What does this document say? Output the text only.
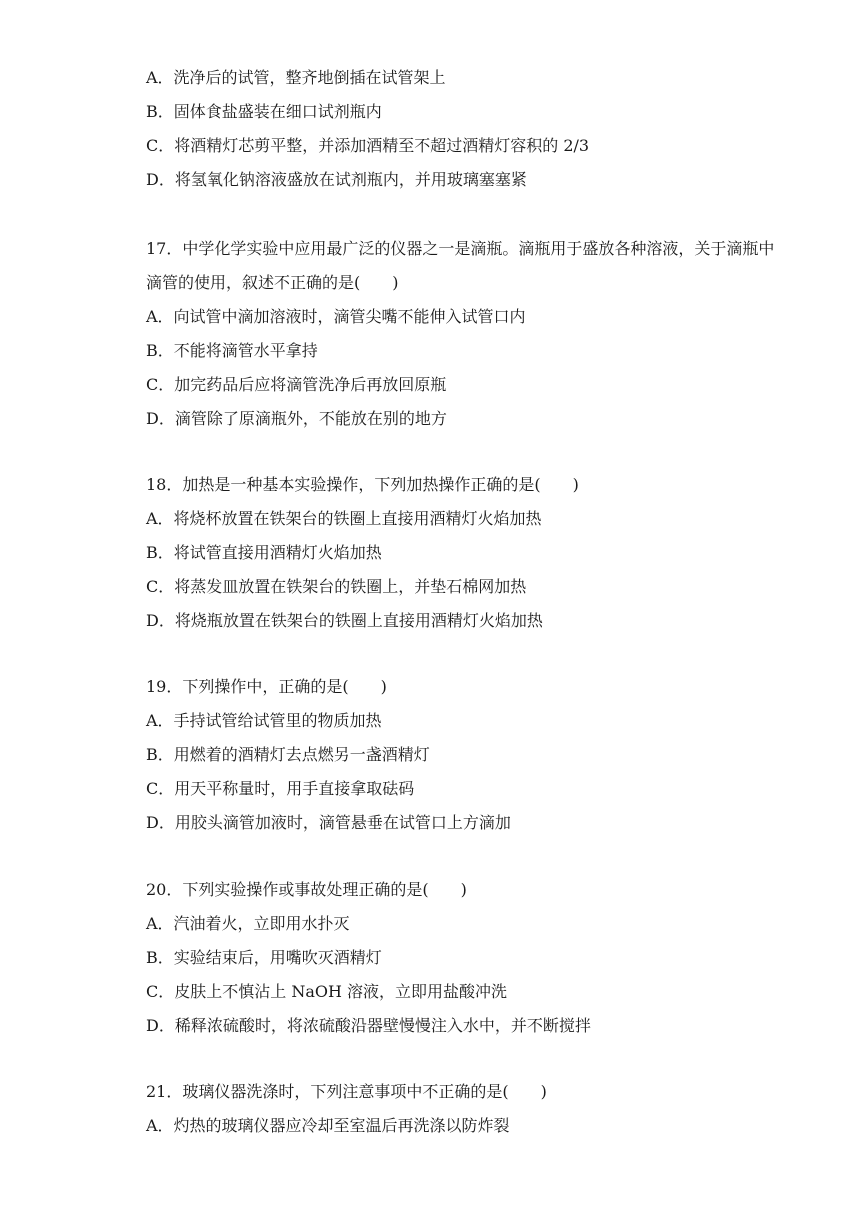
A．洗净后的试管，整齐地倒插在试管架上
B．固体食盐盛装在细口试剂瓶内
C．将酒精灯芯剪平整，并添加酒精至不超过酒精灯容积的 2/3
D．将氢氧化钠溶液盛放在试剂瓶内，并用玻璃塞塞紧
17．中学化学实验中应用最广泛的仪器之一是滴瓶。滴瓶用于盛放各种溶液，关于滴瓶中
滴管的使用，叙述不正确的是(　　)
A．向试管中滴加溶液时，滴管尖嘴不能伸入试管口内
B．不能将滴管水平拿持
C．加完药品后应将滴管洗净后再放回原瓶
D．滴管除了原滴瓶外，不能放在别的地方
18．加热是一种基本实验操作，下列加热操作正确的是(　　)
A．将烧杯放置在铁架台的铁圈上直接用酒精灯火焰加热
B．将试管直接用酒精灯火焰加热
C．将蒸发皿放置在铁架台的铁圈上，并垫石棉网加热
D．将烧瓶放置在铁架台的铁圈上直接用酒精灯火焰加热
19．下列操作中，正确的是(　　)
A．手持试管给试管里的物质加热
B．用燃着的酒精灯去点燃另一盏酒精灯
C．用天平称量时，用手直接拿取砝码
D．用胶头滴管加液时，滴管悬垂在试管口上方滴加
20．下列实验操作或事故处理正确的是(　　)
A．汽油着火，立即用水扑灭
B．实验结束后，用嘴吹灭酒精灯
C．皮肤上不慎沾上 NaOH 溶液，立即用盐酸冲洗
D．稀释浓硫酸时，将浓硫酸沿器壁慢慢注入水中，并不断搅拌
21．玻璃仪器洗涤时，下列注意事项中不正确的是(　　)
A．灼热的玻璃仪器应冷却至室温后再洗涤以防炸裂
